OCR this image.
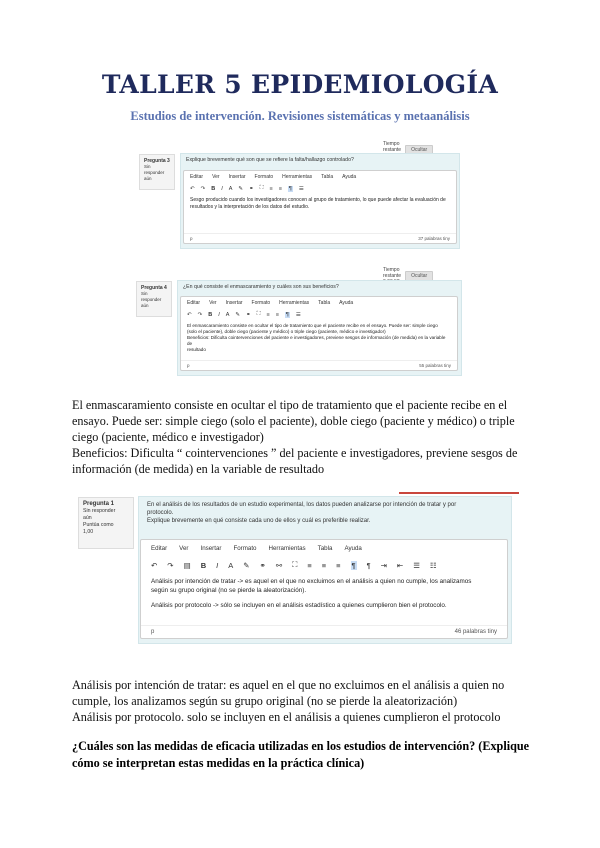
TALLER 5 EPIDEMIOLOGÍA
Estudios de intervención. Revisiones sistemáticas y metaanálisis
Tiempo restante	Ocultar
Pregunta 3
Sin responder
aún
Explique brevemente qué son que se refiere la falta/hallazgo controlado?
Editar Ver Insertar Formato Herramientas Tabla Ayuda
↶ ↷ B I A ✎ ⚭ ⛶ ≡ ≡ ¶ ☰
Sesgo producido cuando los investigadores conocen al grupo de tratamiento, lo que puede afectar la evaluación de resultados y la interpretación de los datos del estudio.
p	37 palabras tiny
Tiempo restante	Ocultar
Pregunta 4
Sin responder
aún
¿En qué consiste el enmascaramiento y cuáles son sus beneficios?
Editar Ver Insertar Formato Herramientas Tabla Ayuda
↶ ↷ B I A ✎ ⚭ ⛶ ≡ ≡ ¶ ☰
El enmascaramiento consiste en ocultar el tipo de tratamiento que el paciente recibe en el ensayo. Puede ser: simple ciego
(solo el paciente), doble ciego (paciente y médico) o triple ciego (paciente, médico e investigador)
Beneficios: Dificulta cointervenciones del paciente e investigadores, previene sesgos de información (de medida) en la variable de
resultado
p	55 palabras tiny

El enmascaramiento consiste en ocultar el tipo de tratamiento que el paciente recibe en el

ensayo. Puede ser: simple ciego (solo el paciente), doble ciego (paciente y médico) o triple

ciego (paciente, médico e investigador)

Beneficios: Dificulta “ cointervenciones ” del paciente e investigadores, previene sesgos de

información (de medida) en la variable de resultado

Pregunta 1
Sin responder
aún
Puntúa como
1,00
En el análisis de los resultados de un estudio experimental, los datos pueden analizarse por intención de tratar y por
protocolo.
Explique brevemente en qué consiste cada uno de ellos y cuál es preferible realizar.
Editar Ver Insertar Formato Herramientas Tabla Ayuda
↶ ↷ ▤ B I A ✎ ⚭ ⚯ ⛶ ≡ ≡ ≡ ¶ ¶ ⇥ ⇤ ☰ ☷
Análisis por intención de tratar -> es aquel en el que no excluimos en el análisis a quien no cumple, los analizamos
según su grupo original (no se pierde la aleatorización).
Análisis por protocolo -> sólo se incluyen en el análisis estadístico a quienes cumplieron bien el protocolo.
p	46 palabras tiny

Análisis por intención de tratar: es aquel en el que no excluimos en el análisis a quien no

cumple, los analizamos según su grupo original (no se pierde la aleatorización)

Análisis por protocolo. solo se incluyen en el análisis a quienes cumplieron el protocolo

¿Cuáles son las medidas de eficacia utilizadas en los estudios de intervención? (Explique
cómo se interpretan estas medidas en la práctica clínica)
